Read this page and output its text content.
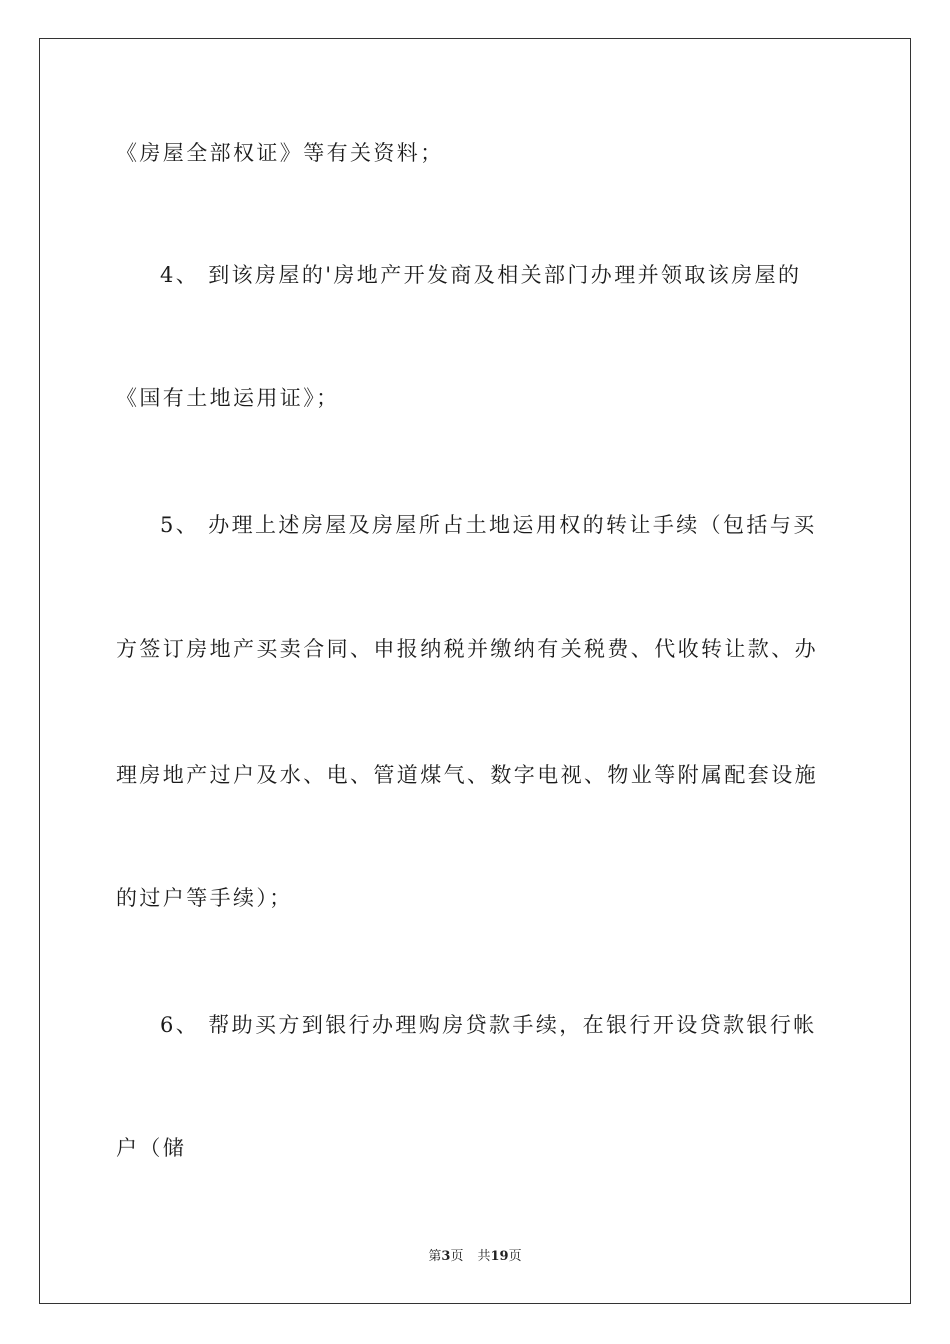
《房屋全部权证》等有关资料；
4、 到该房屋的'房地产开发商及相关部门办理并领取该房屋的
《国有土地运用证》；
5、 办理上述房屋及房屋所占土地运用权的转让手续（包括与买
方签订房地产买卖合同、申报纳税并缴纳有关税费、代收转让款、办
理房地产过户及水、电、管道煤气、数字电视、物业等附属配套设施
的过户等手续）；
6、 帮助买方到银行办理购房贷款手续，在银行开设贷款银行帐
户（储
第3页 共19页
